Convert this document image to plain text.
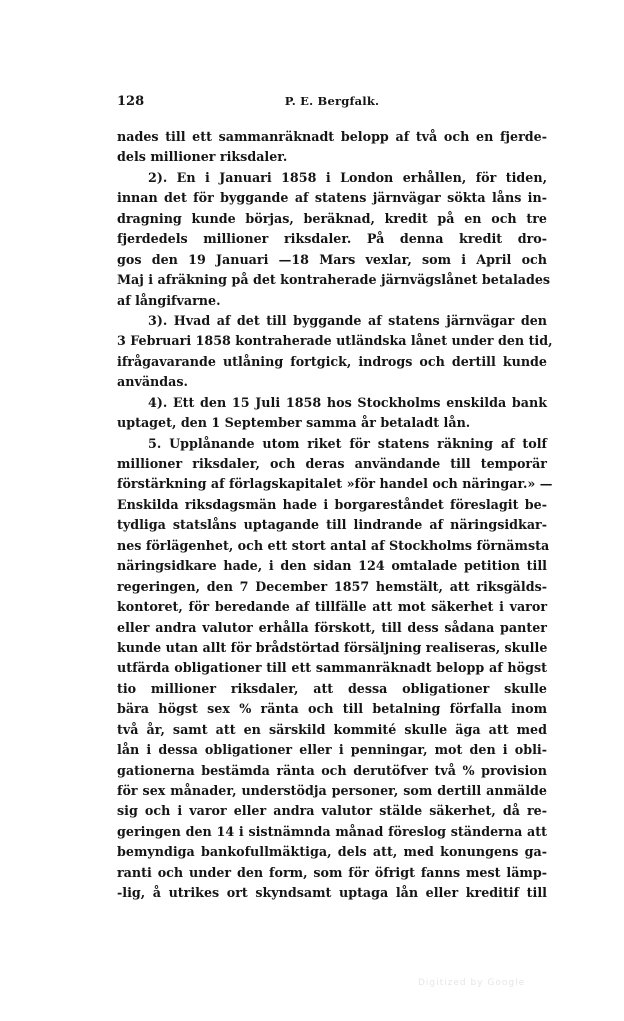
128	P. E. Bergfalk.
nades till ett sammanräknadt belopp af två och en fjerde-
dels millioner riksdaler.
2). En i Januari 1858 i London erhållen, för tiden,
innan det för byggande af statens järnvägar sökta låns in-
dragning kunde börjas, beräknad, kredit på en och tre
fjerdedels millioner riksdaler. På denna kredit dro-
gos den 19 Januari —18 Mars vexlar, som i April och
Maj i afräkning på det kontraherade järnvägslånet betalades
af långifvarne.
3). Hvad af det till byggande af statens järnvägar den
3 Februari 1858 kontraherade utländska lånet under den tid,
ifrågavarande utlåning fortgick, indrogs och dertill kunde
användas.
4). Ett den 15 Juli 1858 hos Stockholms enskilda bank
uptaget, den 1 September samma år betaladt lån.
5. Upplånande utom riket för statens räkning af tolf
millioner riksdaler, och deras användande till temporär
förstärkning af förlagskapitalet »för handel och näringar.» —
Enskilda riksdagsmän hade i borgareståndet föreslagit be-
tydliga statslåns uptagande till lindrande af näringsidkar-
nes förlägenhet, och ett stort antal af Stockholms förnämsta
näringsidkare hade, i den sidan 124 omtalade petition till
regeringen, den 7 December 1857 hemstält, att riksgälds-
kontoret, för beredande af tillfälle att mot säkerhet i varor
eller andra valutor erhålla förskott, till dess sådana panter
kunde utan allt för brådstörtad försäljning realiseras, skulle
utfärda obligationer till ett sammanräknadt belopp af högst
tio millioner riksdaler, att dessa obligationer skulle
bära högst sex % ränta och till betalning förfalla inom
två år, samt att en särskild kommité skulle äga att med
lån i dessa obligationer eller i penningar, mot den i obli-
gationerna bestämda ränta och derutöfver två % provision
för sex månader, understödja personer, som dertill anmälde
sig och i varor eller andra valutor stälde säkerhet, då re-
geringen den 14 i sistnämnda månad föreslog ständerna att
bemyndiga bankofullmäktiga, dels att, med konungens ga-
ranti och under den form, som för öfrigt fanns mest lämp-
-lig, å utrikes ort skyndsamt uptaga lån eller kreditif till
Digitized by Google
